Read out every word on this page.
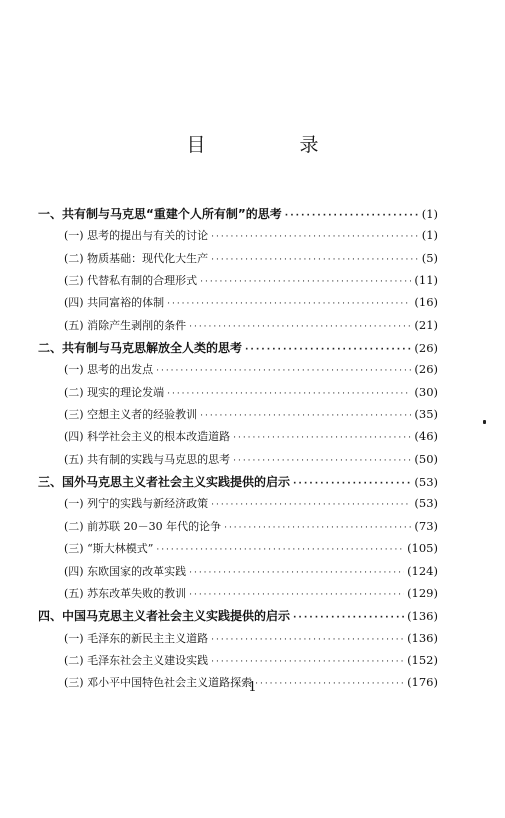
目 录
一、共有制与马克思“重建个人所有制”的思考 ·····	(1)
(一) 思考的提出与有关的讨论 ·····	(1)
(二) 物质基础：现代化大生产 ·····	(5)
(三) 代替私有制的合理形式 ·····	(11)
(四) 共同富裕的体制 ·····	(16)
(五) 消除产生剥削的条件 ·····	(21)
二、共有制与马克思解放全人类的思考 ·····	(26)
(一) 思考的出发点 ·····	(26)
(二) 现实的理论发端 ·····	(30)
(三) 空想主义者的经验教训 ·····	(35)
(四) 科学社会主义的根本改造道路 ·····	(46)
(五) 共有制的实践与马克思的思考 ·····	(50)
三、国外马克思主义者社会主义实践提供的启示 ·····	(53)
(一) 列宁的实践与新经济政策 ·····	(53)
(二) 前苏联 20－30 年代的论争 ·····	(73)
(三) “斯大林模式” ·····	(105)
(四) 东欧国家的改革实践 ·····	(124)
(五) 苏东改革失败的教训 ·····	(129)
四、中国马克思主义者社会主义实践提供的启示 ·····	(136)
(一) 毛泽东的新民主主义道路 ·····	(136)
(二) 毛泽东社会主义建设实践 ·····	(152)
(三) 邓小平中国特色社会主义道路探索 ·····	(176)
1
